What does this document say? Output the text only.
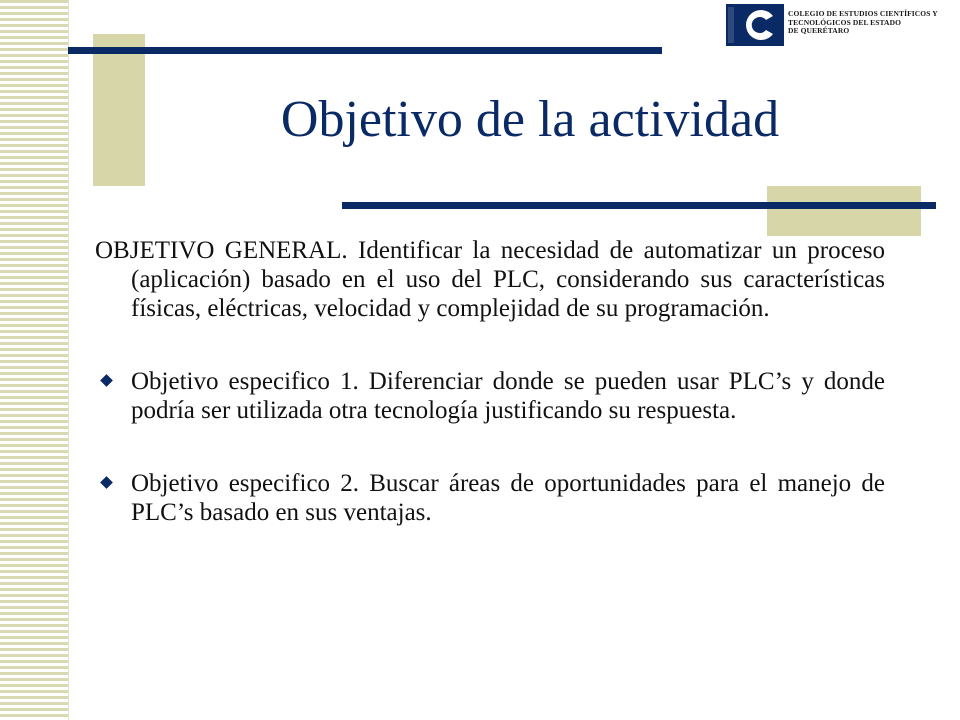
COLEGIO DE ESTUDIOS CIENTÍFICOS Y
TECNOLÓGICOS DEL ESTADO
DE QUERÉTARO
Objetivo de la actividad

OBJETIVO GENERAL. Identificar la necesidad de automatizar un proceso (aplicación) basado en el uso del PLC, considerando sus características físicas, eléctricas, velocidad y complejidad de su programación.

Objetivo especifico 1. Diferenciar donde se pueden usar PLC’s y donde podría ser utilizada otra tecnología justificando su respuesta.
Objetivo especifico 2. Buscar áreas de oportunidades para el manejo de PLC’s basado en sus ventajas.
